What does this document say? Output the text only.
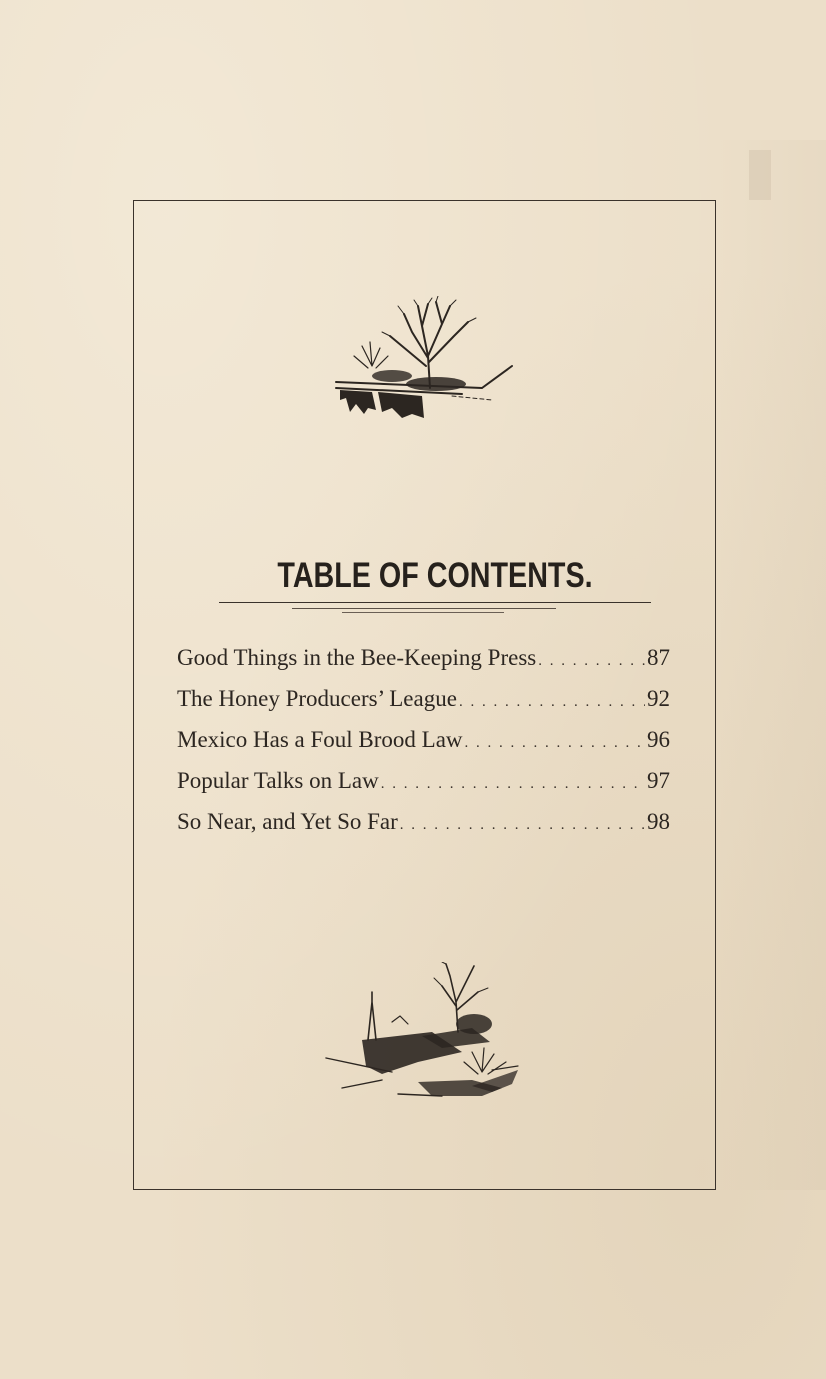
TABLE OF CONTENTS.
Good Things in the Bee-Keeping Press . . .	87
The Honey Producers’ League . . .	92
Mexico Has a Foul Brood Law . . .	96
Popular Talks on Law . . .	97
So Near, and Yet So Far . . .	98
